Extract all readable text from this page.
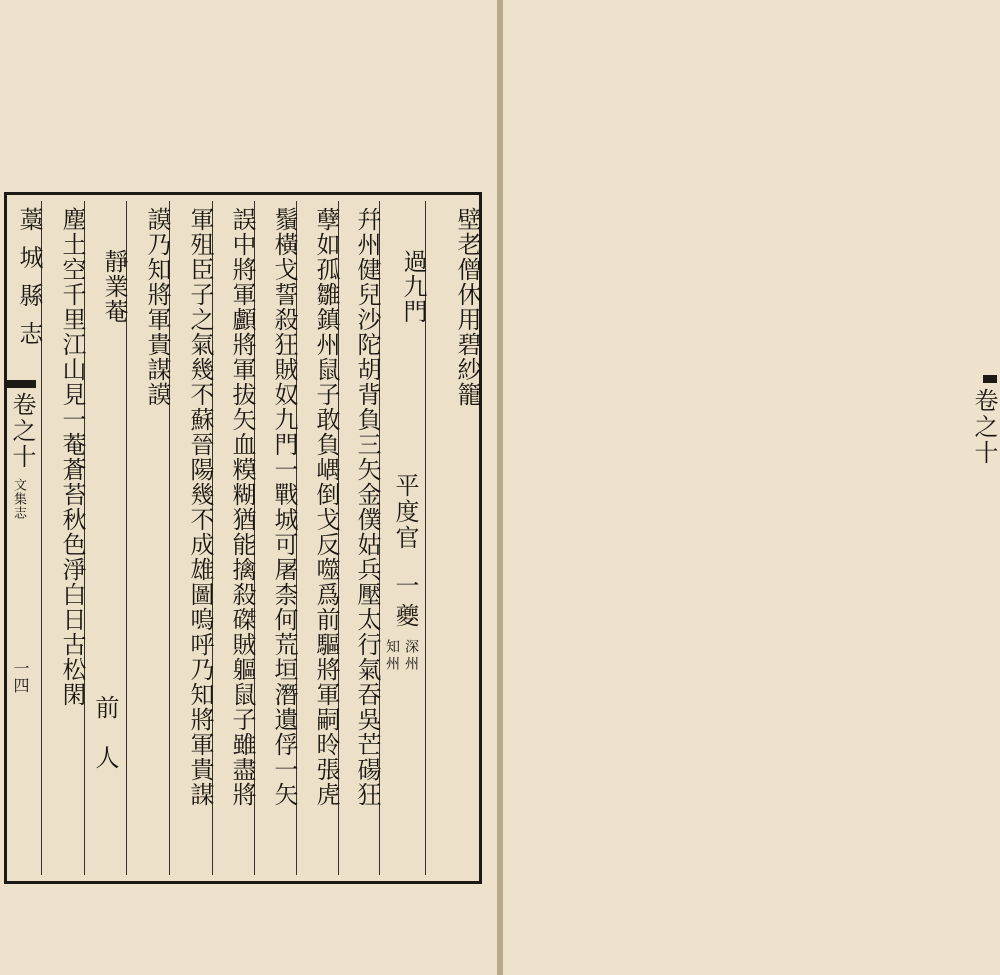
壁老僧休用碧紗籠
過九門
平度官
一夔
深州
知州
幷州健兒沙陀胡背負三矢金僕姑兵壓太行氣吞吳芒碭狂
孽如孤雛鎮州鼠子敢負嵎倒戈反噬爲前驅將軍嗣昤張虎
鬚橫戈誓殺狂賊奴九門一戰城可屠柰何荒垣潛遺俘一矢
誤中將軍顱將軍拔矢血糢糊猶能擒殺磔賊軀鼠子雖盡將
軍殂臣子之氣幾不蘇晉陽幾不成雄圖嗚呼乃知將軍貴謀
謨乃知將軍貴謀謨
靜業菴
前人
塵土空千里江山見一菴蒼苔秋色淨白日古松閑
藁城縣志
卷之十
文集志
一四
卷之十
